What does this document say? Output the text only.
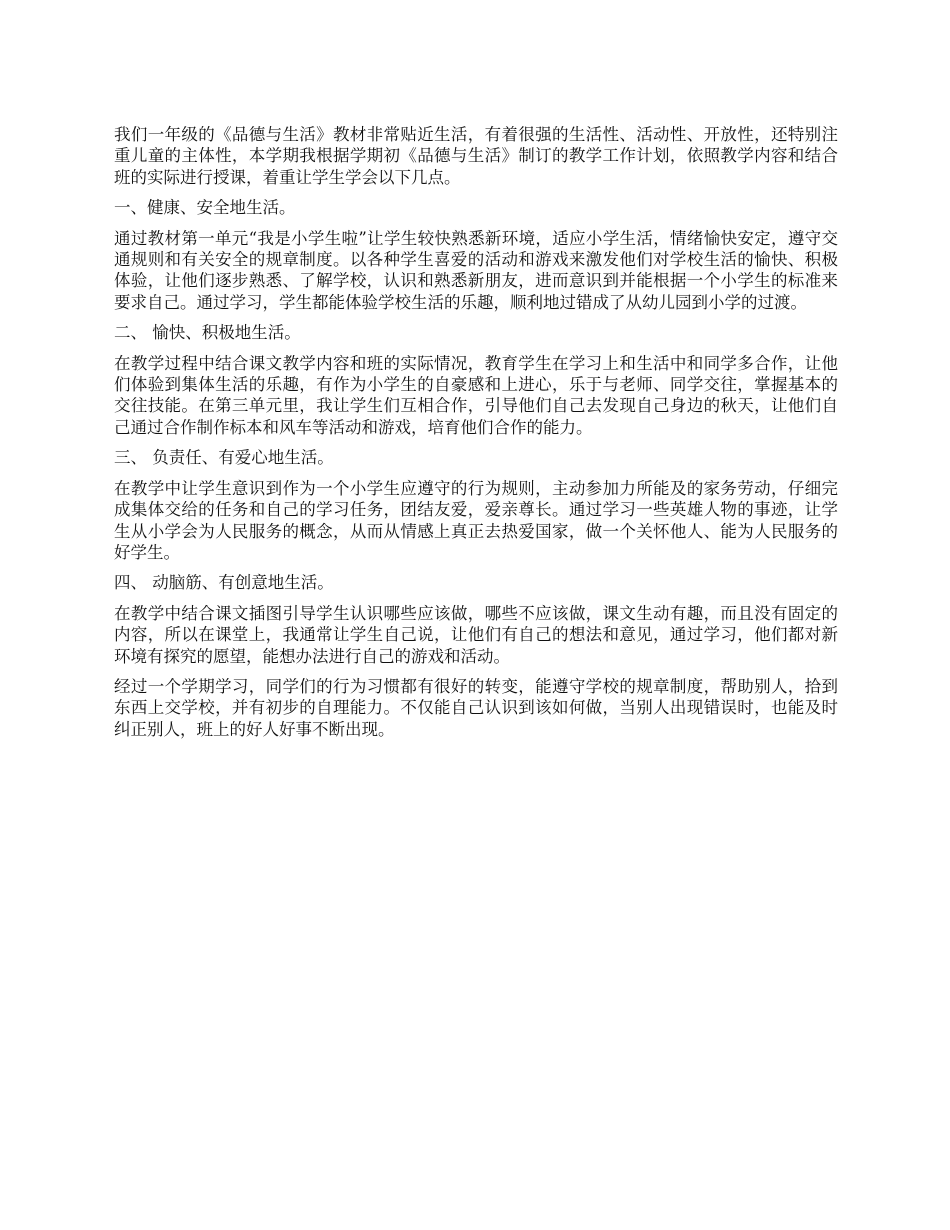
我们一年级的《品德与生活》教材非常贴近生活，有着很强的生活性、活动性、开放性，还特别注重儿童的主体性，本学期我根据学期初《品德与生活》制订的教学工作计划，依照教学内容和结合班的实际进行授课，着重让学生学会以下几点。

一、健康、安全地生活。

通过教材第一单元“我是小学生啦”让学生较快熟悉新环境，适应小学生活，情绪愉快安定，遵守交通规则和有关安全的规章制度。以各种学生喜爱的活动和游戏来激发他们对学校生活的愉快、积极体验，让他们逐步熟悉、了解学校，认识和熟悉新朋友，进而意识到并能根据一个小学生的标准来要求自己。通过学习，学生都能体验学校生活的乐趣，顺利地过错成了从幼儿园到小学的过渡。

二、 愉快、积极地生活。

在教学过程中结合课文教学内容和班的实际情况，教育学生在学习上和生活中和同学多合作，让他们体验到集体生活的乐趣，有作为小学生的自豪感和上进心，乐于与老师、同学交往，掌握基本的交往技能。在第三单元里，我让学生们互相合作，引导他们自己去发现自己身边的秋天，让他们自己通过合作制作标本和风车等活动和游戏，培育他们合作的能力。

三、 负责任、有爱心地生活。

在教学中让学生意识到作为一个小学生应遵守的行为规则，主动参加力所能及的家务劳动，仔细完成集体交给的任务和自己的学习任务，团结友爱，爱亲尊长。通过学习一些英雄人物的事迹，让学生从小学会为人民服务的概念，从而从情感上真正去热爱国家，做一个关怀他人、能为人民服务的好学生。

四、 动脑筋、有创意地生活。

在教学中结合课文插图引导学生认识哪些应该做，哪些不应该做，课文生动有趣，而且没有固定的内容，所以在课堂上，我通常让学生自己说，让他们有自己的想法和意见，通过学习，他们都对新环境有探究的愿望，能想办法进行自己的游戏和活动。

经过一个学期学习，同学们的行为习惯都有很好的转变，能遵守学校的规章制度，帮助别人，拾到东西上交学校，并有初步的自理能力。不仅能自己认识到该如何做，当别人出现错误时，也能及时纠正别人，班上的好人好事不断出现。
